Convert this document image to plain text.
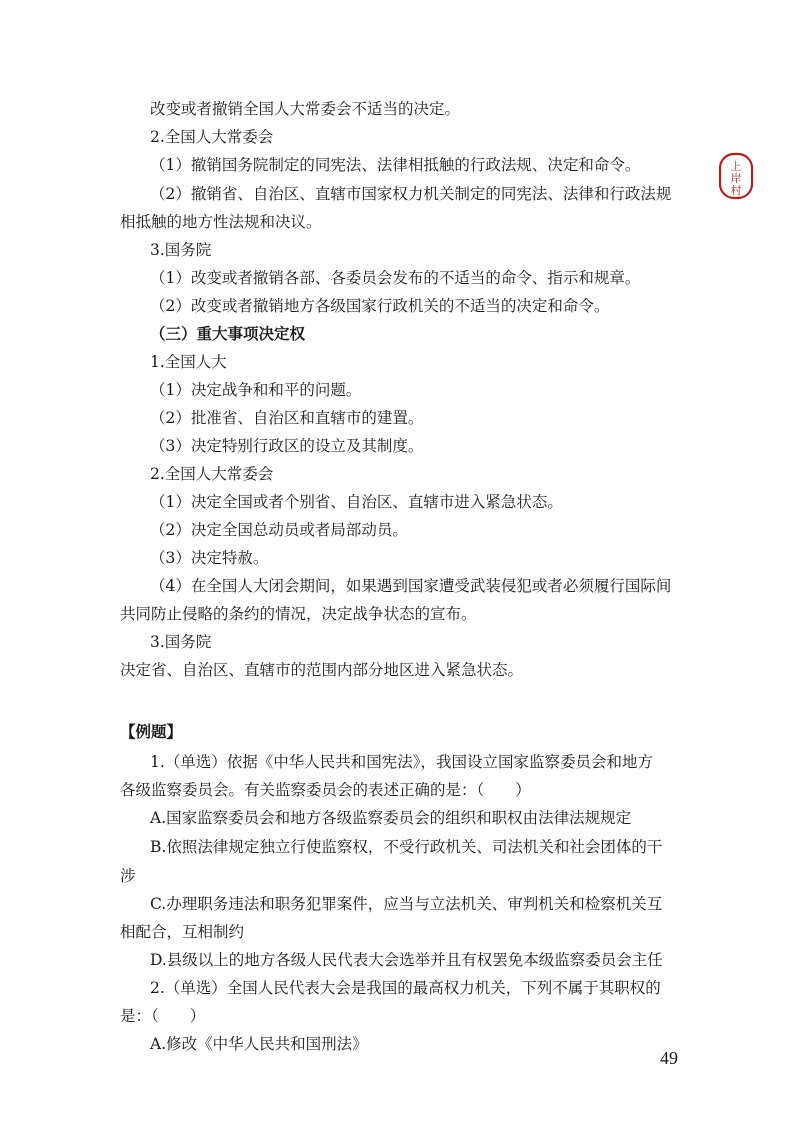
上
岸
村
改变或者撤销全国人大常委会不适当的决定。
2.全国人大常委会
（1）撤销国务院制定的同宪法、法律相抵触的行政法规、决定和命令。
（2）撤销省、自治区、直辖市国家权力机关制定的同宪法、法律和行政法规
相抵触的地方性法规和决议。
3.国务院
（1）改变或者撤销各部、各委员会发布的不适当的命令、指示和规章。
（2）改变或者撤销地方各级国家行政机关的不适当的决定和命令。
（三）重大事项决定权
1.全国人大
（1）决定战争和和平的问题。
（2）批准省、自治区和直辖市的建置。
（3）决定特别行政区的设立及其制度。
2.全国人大常委会
（1）决定全国或者个别省、自治区、直辖市进入紧急状态。
（2）决定全国总动员或者局部动员。
（3）决定特赦。
（4）在全国人大闭会期间，如果遇到国家遭受武装侵犯或者必须履行国际间
共同防止侵略的条约的情况，决定战争状态的宣布。
3.国务院
决定省、自治区、直辖市的范围内部分地区进入紧急状态。
【例题】
1.（单选）依据《中华人民共和国宪法》，我国设立国家监察委员会和地方
各级监察委员会。有关监察委员会的表述正确的是：（　　）
A.国家监察委员会和地方各级监察委员会的组织和职权由法律法规规定
B.依照法律规定独立行使监察权，不受行政机关、司法机关和社会团体的干
涉
C.办理职务违法和职务犯罪案件，应当与立法机关、审判机关和检察机关互
相配合，互相制约
D.县级以上的地方各级人民代表大会选举并且有权罢免本级监察委员会主任
2.（单选）全国人民代表大会是我国的最高权力机关，下列不属于其职权的
是：（　　）
A.修改《中华人民共和国刑法》
49
